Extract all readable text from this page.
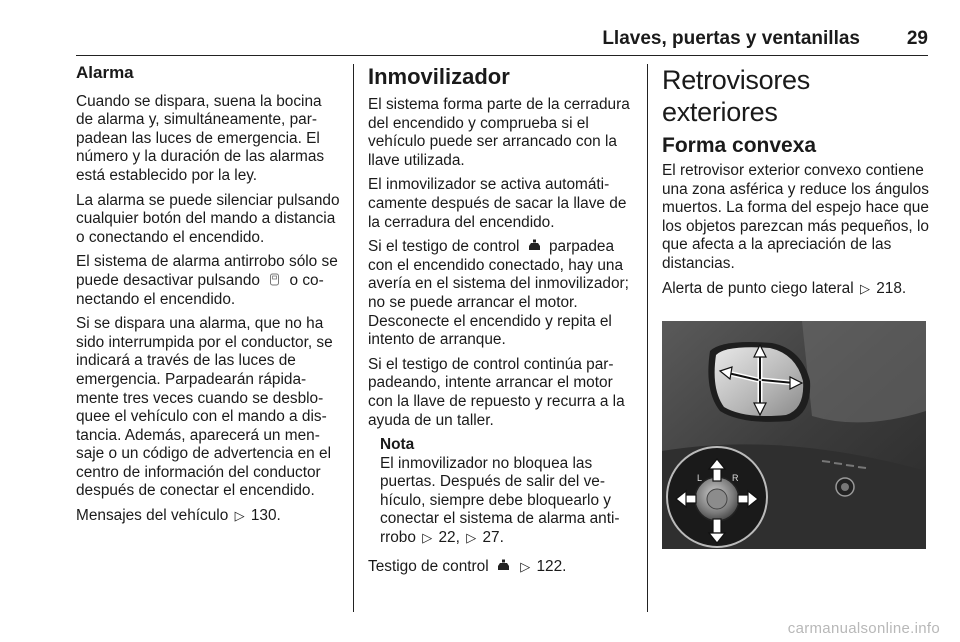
Llaves, puertas y ventanillas	29
Alarma

Cuando se dispara, suena la bocina de alarma y, simultáneamente, parpadean las luces de emergencia. El número y la duración de las alarmas está establecido por la ley.

La alarma se puede silenciar pulsando cualquier botón del mando a distancia o conectando el encendido.

El sistema de alarma antirrobo sólo se puede desactivar pulsando o conectando el encendido.

Si se dispara una alarma, que no ha sido interrumpida por el conductor, se indicará a través de las luces de emergencia. Parpadearán rápidamente tres veces cuando se desbloquee el vehículo con el mando a distancia. Además, aparecerá un mensaje o un código de advertencia en el centro de información del conductor después de conectar el encendido.

Mensajes del vehículo ▷ 130.

Inmovilizador

El sistema forma parte de la cerradura del encendido y comprueba si el vehículo puede ser arrancado con la llave utilizada.

El inmovilizador se activa automáticamente después de sacar la llave de la cerradura del encendido.

Si el testigo de control parpadea con el encendido conectado, hay una avería en el sistema del inmovilizador; no se puede arrancar el motor. Desconecte el encendido y repita el intento de arranque.

Si el testigo de control continúa parpadeando, intente arrancar el motor con la llave de repuesto y recurra a la ayuda de un taller.

Nota
El inmovilizador no bloquea las puertas. Después de salir del vehículo, siempre debe bloquearlo y conectar el sistema de alarma antirrobo ▷ 22, ▷ 27.

Testigo de control ▷ 122.

Retrovisores exteriores
Forma convexa

El retrovisor exterior convexo contiene una zona asférica y reduce los ángulos muertos. La forma del espejo hace que los objetos parezcan más pequeños, lo que afecta a la apreciación de las distancias.

Alerta de punto ciego lateral ▷ 218.

L	R
carmanualsonline.info
